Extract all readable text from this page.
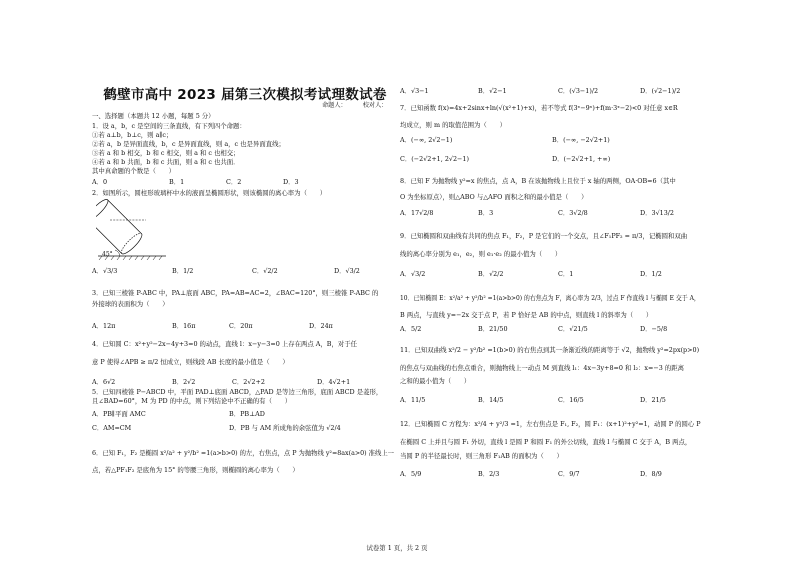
鹤壁市高中 2023 届第三次模拟考试理数试卷
命题人：	校对人：
一、选择题（本题共 12 小题，每题 5 分）
1．设 a，b，c 是空间的三条直线，有下列四个命题：
①若 a⊥b，b⊥c，则 a∥c；
②若 a，b 是异面直线，b，c 是异面直线，则 a，c 也是异面直线；
③若 a 和 b 相交，b 和 c 相交，则 a 和 c 也相交；
④若 a 和 b 共面，b 和 c 共面，则 a 和 c 也共面．
其中真命题的个数是（　　）
A．0	B．1	C．2	D．3
2．如图所示，圆柱形玻璃杯中水的液面呈椭圆形状，则该椭圆的离心率为（　　）
45°
A．√3/3	B．1/2	C．√2/2	D．√3/2
3．已知三棱锥 P-ABC 中，PA⊥底面 ABC，PA=AB=AC=2，∠BAC=120°，则三棱锥 P-ABC 的
外接球的表面积为（　　）
A．12π	B．16π	C．20π	D．24π
4．已知圆 C：x²+y²−2x−4y+3=0 的动点，直线 l：x−y−3=0 上存在两点 A，B，对于任
意 P 使得∠APB ≥ π/2 恒成立，则线段 AB 长度的最小值是（　　）
A．6√2	B．2√2	C．2√2+2	D．4√2+1
5．已知四棱锥 P−ABCD 中，平面 PAD⊥底面 ABCD，△PAD 是等边三角形，底面 ABCD 是菱形，
且∠BAD=60°，M 为 PD 的中点，则下列结论中不正确的有（　　）
A．PB∥平面 AMC	B．PB⊥AD
C．AM=CM	D．PB 与 AM 所成角的余弦值为 √2/4
6．已知 F₁，F₂ 是椭圆 x²/a² + y²/b² =1(a>b>0) 的左，右焦点，点 P 为抛物线 y²=8ax(a>0) 准线上一
点，若△PF₁F₂ 是底角为 15° 的等腰三角形，则椭圆的离心率为（　　）
A．√3−1	B．√2−1	C．(√3−1)/2	D．(√2−1)/2
7．已知函数 f(x)=4x+2sinx+ln(√(x²+1)+x)，若不等式 f(3ˣ−9ˣ)+f(m·3ˣ−2)<0 对任意 x∈R
均成立，则 m 的取值范围为（　　）
A．(−∞, 2√2−1)	B．(−∞, −2√2+1)
C．(−2√2+1, 2√2−1)	D．(−2√2+1, +∞)
8．已知 F 为抛物线 y²=x 的焦点，点 A，B 在该抛物线上且位于 x 轴的两侧，OA·OB=6（其中
O 为坐标原点），则△ABO 与△AFO 面积之和的最小值是（　　）
A．17√2/8	B．3	C．3√2/8	D．3√13/2
9．已知椭圆和双曲线有共同的焦点 F₁，F₂，P 是它们的一个交点，且∠F₁PF₂ = π/3，记椭圆和双曲
线的离心率分别为 e₁，e₂，则 e₁·e₂ 的最小值为（　　）
A．√3/2	B．√2/2	C．1	D．1/2
10．已知椭圆 E：x²/a² + y²/b² =1(a>b>0) 的右焦点为 F，离心率为 2/3，过点 F 作直线 l 与椭圆 E 交于 A，
B 两点，与直线 y=−2x 交于点 P，若 P 恰好是 AB 的中点，则直线 l 的斜率为（　　）
A．5/2	B．21/50	C．√21/5	D．−5/8
11．已知双曲线 x²/2 − y²/b² =1(b>0) 的右焦点到其一条渐近线的距离等于 √2，抛物线 y²=2px(p>0)
的焦点与双曲线的右焦点重合，则抛物线上一动点 M 到直线 l₁：4x−3y+8=0 和 l₂：x=−3 的距离
之和的最小值为（　　）
A．11/5	B．14/5	C．16/5	D．21/5
12．已知椭圆 C 方程为：x²/4 + y²/3 =1，左右焦点是 F₁, F₂，圆 F₁：(x+1)²+y²=1，动圆 P 的圆心 P
在椭圆 C 上并且与圆 F₁ 外切，直线 l 是圆 P 和圆 F₁ 的外公切线，直线 l 与椭圆 C 交于 A，B 两点，
当圆 P 的半径最长时，则三角形 F₁AB 的面积为（　　）
A．5/9	B．2/3	C．9/7	D．8/9
试卷第 1 页，共 2 页
